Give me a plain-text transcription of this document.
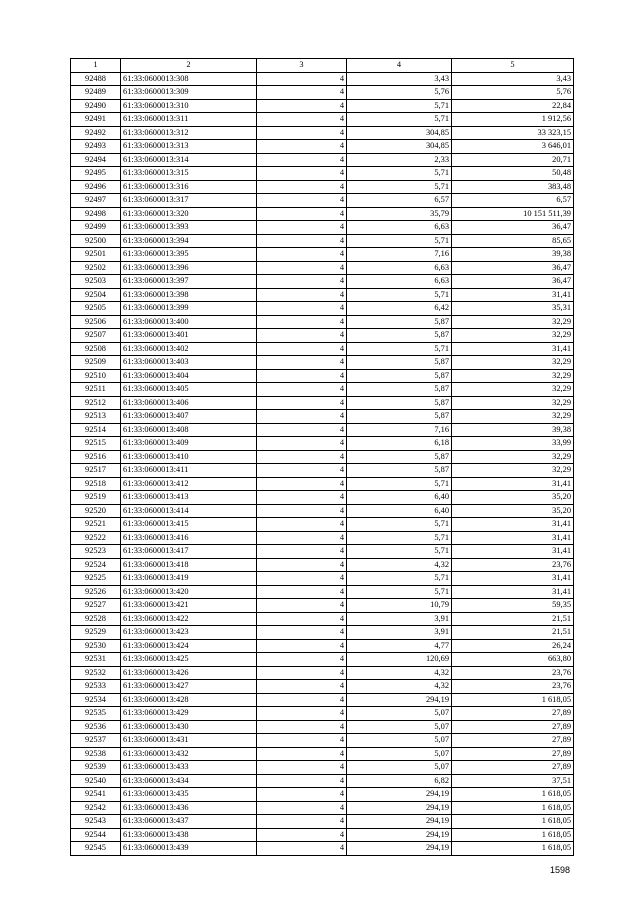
1	2	3	4	5
92488	61:33:0600013:308	4	3,43	3,43
92489	61:33:0600013:309	4	5,76	5,76
92490	61:33:0600013:310	4	5,71	22,84
92491	61:33:0600013:311	4	5,71	1 912,56
92492	61:33:0600013:312	4	304,85	33 323,15
92493	61:33:0600013:313	4	304,85	3 646,01
92494	61:33:0600013:314	4	2,33	20,71
92495	61:33:0600013:315	4	5,71	50,48
92496	61:33:0600013:316	4	5,71	383,48
92497	61:33:0600013:317	4	6,57	6,57
92498	61:33:0600013:320	4	35,79	10 151 511,39
92499	61:33:0600013:393	4	6,63	36,47
92500	61:33:0600013:394	4	5,71	85,65
92501	61:33:0600013:395	4	7,16	39,38
92502	61:33:0600013:396	4	6,63	36,47
92503	61:33:0600013:397	4	6,63	36,47
92504	61:33:0600013:398	4	5,71	31,41
92505	61:33:0600013:399	4	6,42	35,31
92506	61:33:0600013:400	4	5,87	32,29
92507	61:33:0600013:401	4	5,87	32,29
92508	61:33:0600013:402	4	5,71	31,41
92509	61:33:0600013:403	4	5,87	32,29
92510	61:33:0600013:404	4	5,87	32,29
92511	61:33:0600013:405	4	5,87	32,29
92512	61:33:0600013:406	4	5,87	32,29
92513	61:33:0600013:407	4	5,87	32,29
92514	61:33:0600013:408	4	7,16	39,38
92515	61:33:0600013:409	4	6,18	33,99
92516	61:33:0600013:410	4	5,87	32,29
92517	61:33:0600013:411	4	5,87	32,29
92518	61:33:0600013:412	4	5,71	31,41
92519	61:33:0600013:413	4	6,40	35,20
92520	61:33:0600013:414	4	6,40	35,20
92521	61:33:0600013:415	4	5,71	31,41
92522	61:33:0600013:416	4	5,71	31,41
92523	61:33:0600013:417	4	5,71	31,41
92524	61:33:0600013:418	4	4,32	23,76
92525	61:33:0600013:419	4	5,71	31,41
92526	61:33:0600013:420	4	5,71	31,41
92527	61:33:0600013:421	4	10,79	59,35
92528	61:33:0600013:422	4	3,91	21,51
92529	61:33:0600013:423	4	3,91	21,51
92530	61:33:0600013:424	4	4,77	26,24
92531	61:33:0600013:425	4	120,69	663,80
92532	61:33:0600013:426	4	4,32	23,76
92533	61:33:0600013:427	4	4,32	23,76
92534	61:33:0600013:428	4	294,19	1 618,05
92535	61:33:0600013:429	4	5,07	27,89
92536	61:33:0600013:430	4	5,07	27,89
92537	61:33:0600013:431	4	5,07	27,89
92538	61:33:0600013:432	4	5,07	27,89
92539	61:33:0600013:433	4	5,07	27,89
92540	61:33:0600013:434	4	6,82	37,51
92541	61:33:0600013:435	4	294,19	1 618,05
92542	61:33:0600013:436	4	294,19	1 618,05
92543	61:33:0600013:437	4	294,19	1 618,05
92544	61:33:0600013:438	4	294,19	1 618,05
92545	61:33:0600013:439	4	294,19	1 618,05
1598
